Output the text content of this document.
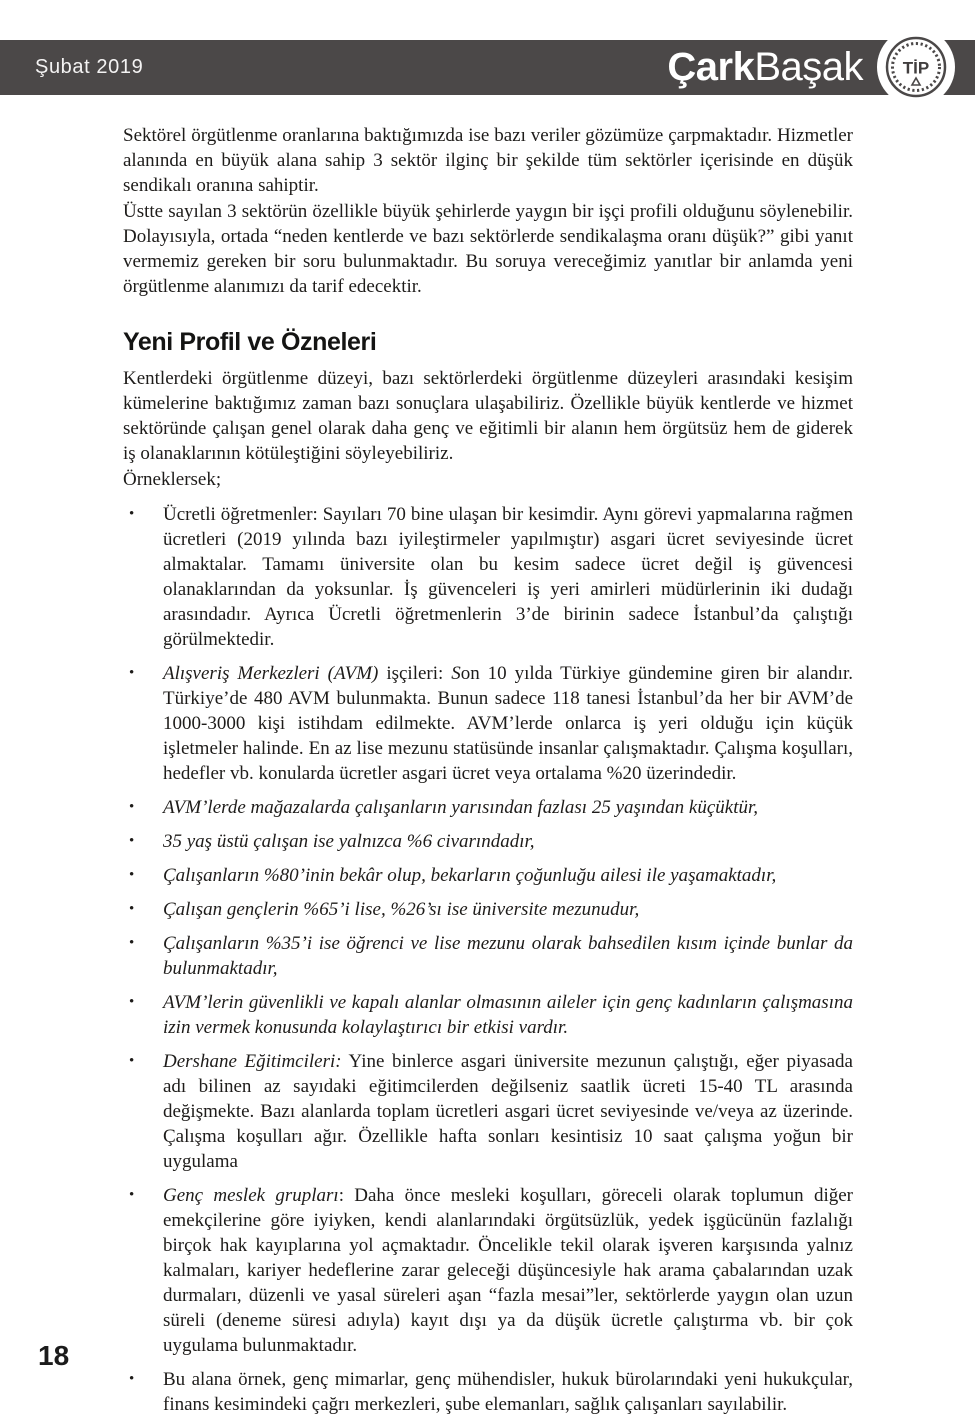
Şubat 2019	ÇarkBaşak TİP

Sektörel örgütlenme oranlarına baktığımızda ise bazı veriler gözümüze çarpmaktadır. Hizmetler alanında en büyük alana sahip 3 sektör ilginç bir şekilde tüm sektörler içerisinde en düşük sendikalı oranına sahiptir.

Üstte sayılan 3 sektörün özellikle büyük şehirlerde yaygın bir işçi profili olduğunu söylenebilir. Dolayısıyla, ortada “neden kentlerde ve bazı sektörlerde sendikalaşma oranı düşük?” gibi yanıt vermemiz gereken bir soru bulunmaktadır. Bu soruya vereceğimiz yanıtlar bir anlamda yeni örgütlenme alanımızı da tarif edecektir.

Yeni Profil ve Özneleri

Kentlerdeki örgütlenme düzeyi, bazı sektörlerdeki örgütlenme düzeyleri arasındaki kesişim kümelerine baktığımız zaman bazı sonuçlara ulaşabiliriz. Özellikle büyük kentlerde ve hizmet sektöründe çalışan genel olarak daha genç ve eğitimli bir alanın hem örgütsüz hem de giderek iş olanaklarının kötüleştiğini söyleyebiliriz.

Örneklersek;

•	Ücretli öğretmenler: Sayıları 70 bine ulaşan bir kesimdir. Aynı görevi yapmalarına rağmen ücretleri (2019 yılında bazı iyileştirmeler yapılmıştır) asgari ücret seviyesinde ücret almaktalar. Tamamı üniversite olan bu kesim sadece ücret değil iş güvencesi olanaklarından da yoksunlar. İş güvenceleri iş yeri amirleri müdürlerinin iki dudağı arasındadır. Ayrıca Ücretli öğretmenlerin 3’de birinin sadece İstanbul’da çalıştığı görülmektedir.
•	Alışveriş Merkezleri (AVM) işçileri: Son 10 yılda Türkiye gündemine giren bir alandır. Türkiye’de 480 AVM bulunmakta. Bunun sadece 118 tanesi İstanbul’da her bir AVM’de 1000-3000 kişi istihdam edilmekte. AVM’lerde onlarca iş yeri olduğu için küçük işletmeler halinde. En az lise mezunu statüsünde insanlar çalışmaktadır. Çalışma koşulları, hedefler vb. konularda ücretler asgari ücret veya ortalama %20 üzerindedir.
•	AVM’lerde mağazalarda çalışanların yarısından fazlası 25 yaşından küçüktür,
•	35 yaş üstü çalışan ise yalnızca %6 civarındadır,
•	Çalışanların %80’inin bekâr olup, bekarların çoğunluğu ailesi ile yaşamaktadır,
•	Çalışan gençlerin %65’i lise, %26’sı ise üniversite mezunudur,
•	Çalışanların %35’i ise öğrenci ve lise mezunu olarak bahsedilen kısım içinde bunlar da bulunmaktadır,
•	AVM’lerin güvenlikli ve kapalı alanlar olmasının aileler için genç kadınların çalışmasına izin vermek konusunda kolaylaştırıcı bir etkisi vardır.
•	Dershane Eğitimcileri: Yine binlerce asgari üniversite mezunun çalıştığı, eğer piyasada adı bilinen az sayıdaki eğitimcilerden değilseniz saatlik ücreti 15-40 TL arasında değişmekte. Bazı alanlarda toplam ücretleri asgari ücret seviyesinde ve/veya az üzerinde. Çalışma koşulları ağır. Özellikle hafta sonları kesintisiz 10 saat çalışma yoğun bir uygulama
•	Genç meslek grupları: Daha önce mesleki koşulları, göreceli olarak toplumun diğer emekçilerine göre iyiyken, kendi alanlarındaki örgütsüzlük, yedek işgücünün fazlalığı birçok hak kayıplarına yol açmaktadır. Öncelikle tekil olarak işveren karşısında yalnız kalmaları, kariyer hedeflerine zarar geleceği düşüncesiyle hak arama çabalarından uzak durmaları, düzenli ve yasal süreleri aşan “fazla mesai”ler, sektörlerde yaygın olan uzun süreli (deneme süresi adıyla) kayıt dışı ya da düşük ücretle çalıştırma vb. bir çok uygulama bulunmaktadır.
•	Bu alana örnek, genç mimarlar, genç mühendisler, hukuk bürolarındaki yeni hukukçular, finans kesimindeki çağrı merkezleri, şube elemanları, sağlık çalışanları sayılabilir.
18
